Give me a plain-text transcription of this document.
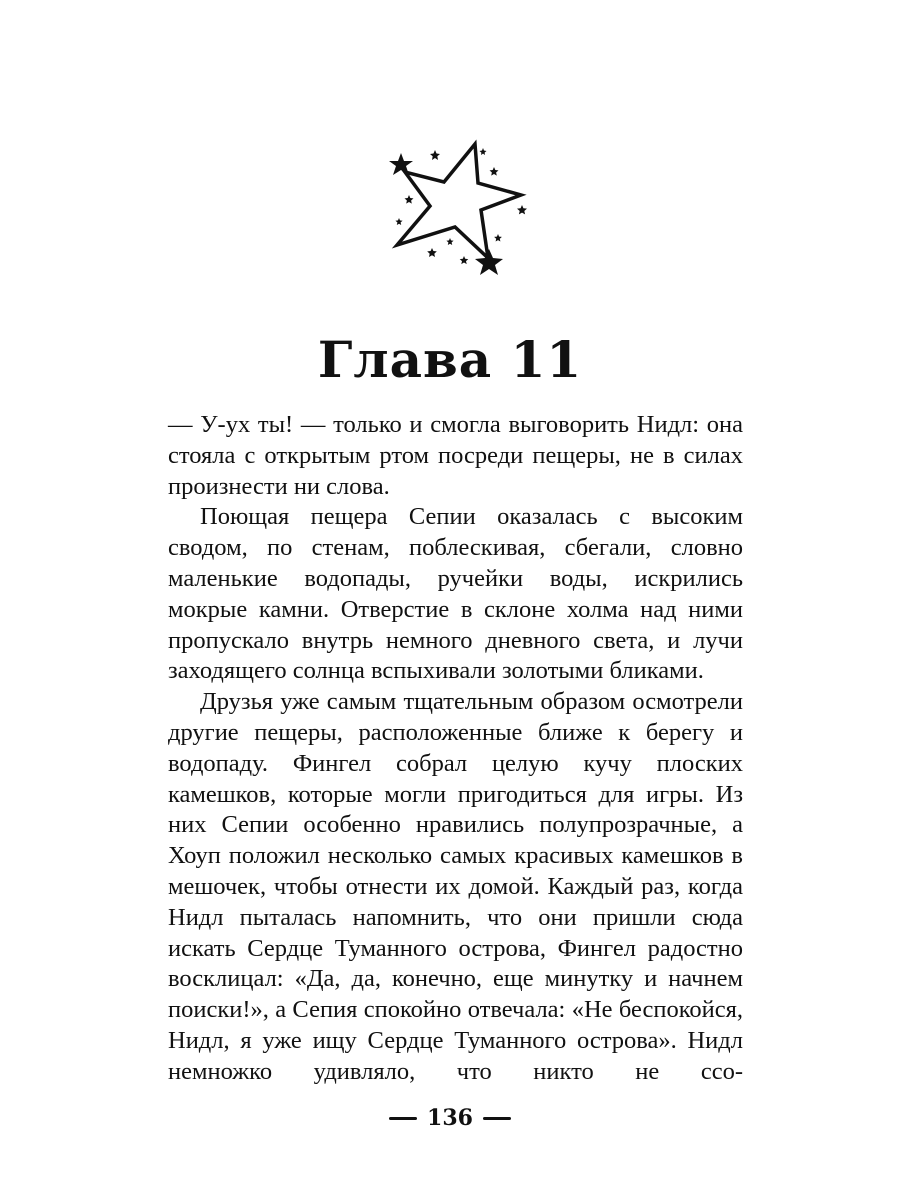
Глава 11

— У-ух ты! — только и смогла выговорить Нидл: она стояла с открытым ртом посреди пещеры, не в силах произнести ни слова.

Поющая пещера Сепии оказалась с высоким сводом, по стенам, поблескивая, сбегали, словно маленькие водопады, ручейки воды, искрились мокрые камни. Отверстие в склоне холма над ними пропускало внутрь немного дневного света, и лучи заходящего солнца вспыхивали золотыми бликами.

Друзья уже самым тщательным образом осмотрели другие пещеры, расположенные ближе к берегу и водопаду. Фингел собрал целую кучу плоских камешков, которые могли пригодиться для игры. Из них Сепии особенно нравились полупрозрачные, а Хоуп положил несколько самых красивых камешков в мешочек, чтобы отнести их домой. Каждый раз, когда Нидл пыталась напомнить, что они пришли сюда искать Сердце Туманного острова, Фингел радостно восклицал: «Да, да, конечно, еще минутку и начнем поиски!», а Сепия спокойно отвечала: «Не беспокойся, Нидл, я уже ищу Сердце Туманного острова». Нидл немножко удивляло, что никто не ссо-

136
